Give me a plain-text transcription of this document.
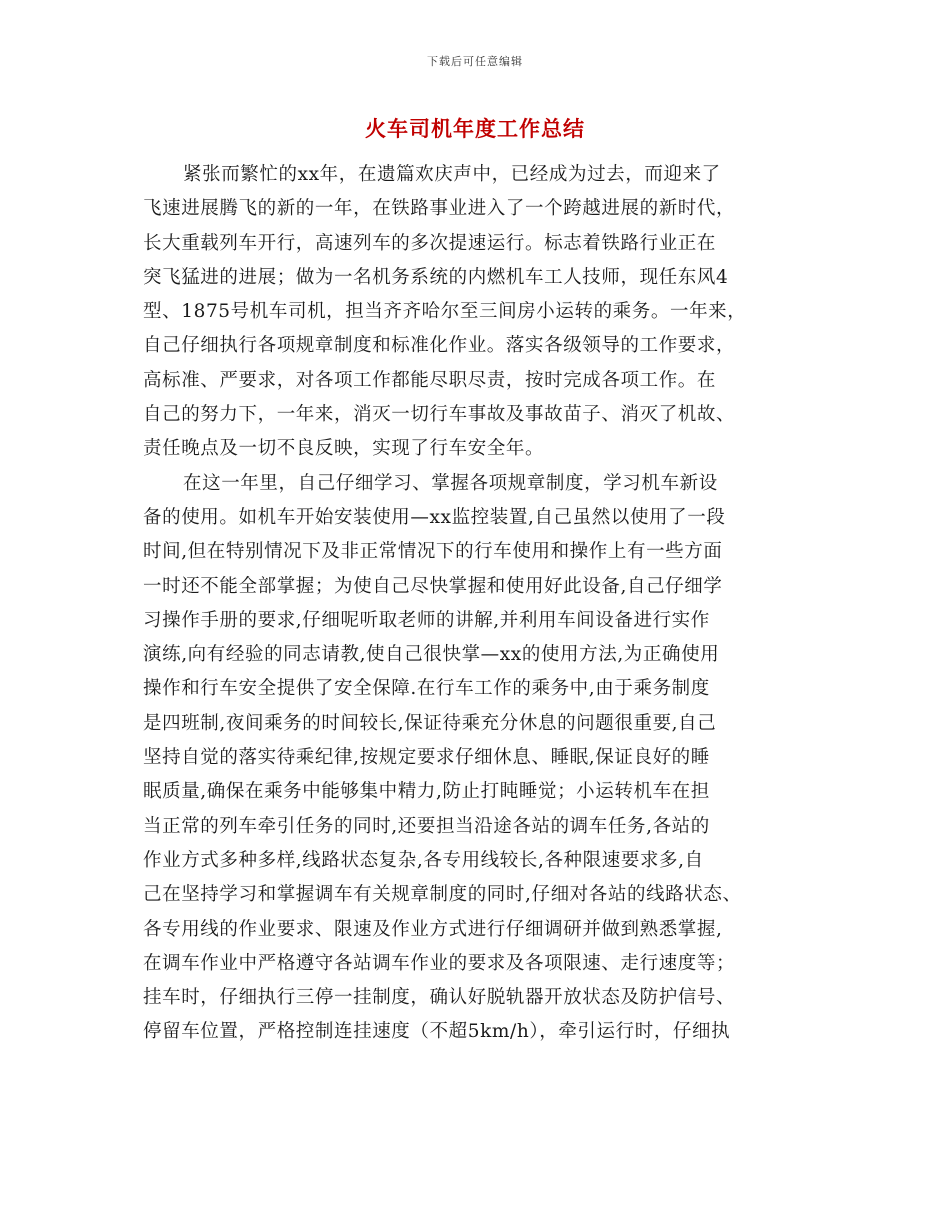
下载后可任意编辑
火车司机年度工作总结
紧张而繁忙的xx年，在遗篇欢庆声中，已经成为过去，而迎来了
飞速进展腾飞的新的一年，在铁路事业进入了一个跨越进展的新时代，
长大重载列车开行，高速列车的多次提速运行。标志着铁路行业正在
突飞猛进的进展；做为一名机务系统的内燃机车工人技师，现任东风4
型、1875号机车司机，担当齐齐哈尔至三间房小运转的乘务。一年来，
自己仔细执行各项规章制度和标准化作业。落实各级领导的工作要求，
高标准、严要求，对各项工作都能尽职尽责，按时完成各项工作。在
自己的努力下，一年来，消灭一切行车事故及事故苗子、消灭了机故、
责任晚点及一切不良反映，实现了行车安全年。
在这一年里，自己仔细学习、掌握各项规章制度，学习机车新设
备的使用。如机车开始安装使用—xx监控装置,自己虽然以使用了一段
时间,但在特别情况下及非正常情况下的行车使用和操作上有一些方面
一时还不能全部掌握；为使自己尽快掌握和使用好此设备,自己仔细学
习操作手册的要求,仔细呢听取老师的讲解,并利用车间设备进行实作
演练,向有经验的同志请教,使自己很快掌—xx的使用方法,为正确使用
操作和行车安全提供了安全保障.在行车工作的乘务中,由于乘务制度
是四班制,夜间乘务的时间较长,保证待乘充分休息的问题很重要,自己
坚持自觉的落实待乘纪律,按规定要求仔细休息、睡眠,保证良好的睡
眠质量,确保在乘务中能够集中精力,防止打盹睡觉；小运转机车在担
当正常的列车牵引任务的同时,还要担当沿途各站的调车任务,各站的
作业方式多种多样,线路状态复杂,各专用线较长,各种限速要求多,自
己在坚持学习和掌握调车有关规章制度的同时,仔细对各站的线路状态、
各专用线的作业要求、限速及作业方式进行仔细调研并做到熟悉掌握,
在调车作业中严格遵守各站调车作业的要求及各项限速、走行速度等；
挂车时，仔细执行三停一挂制度，确认好脱轨器开放状态及防护信号、
停留车位置，严格控制连挂速度（不超5km/h），牵引运行时，仔细执
